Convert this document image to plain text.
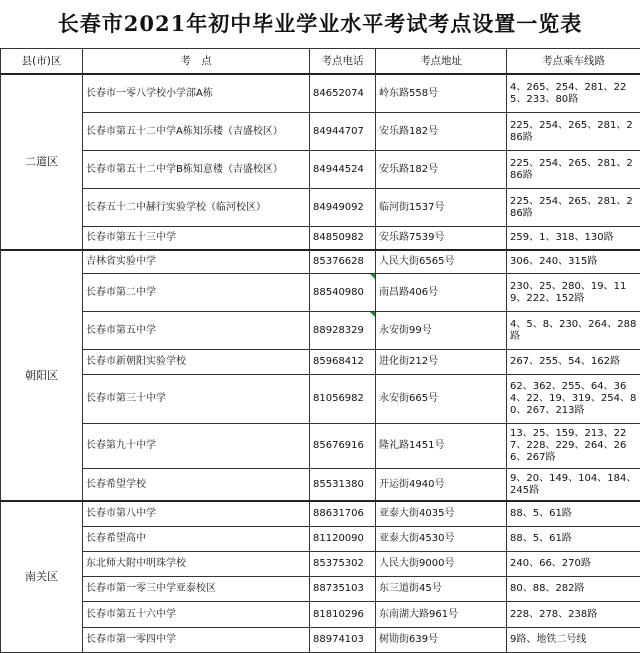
长春市2021年初中毕业学业水平考试考点设置一览表
县(市)区	考　点	考点电话	考点地址	考点乘车线路
二道区	长春市一零八学校小学部A栋	84652074	岭东路558号	4、265、254、281、225、233、80路
	长春市第五十二中学A栋知乐楼（吉盛校区）	84944707	安乐路182号	225、254、265、281、286路
	长春市第五十二中学B栋知意楼（吉盛校区）	84944524	安乐路182号	225、254、265、281、286路
	长春五十二中赫行实验学校（临河校区）	84949092	临河街1537号	225、254、265、281、286路
	长春市第五十三中学	84850982	安乐路7539号	259、1、318、130路
朝阳区	吉林省实验中学	85376628	人民大街6565号	306、240、315路
	长春市第二中学	88540980	南昌路406号	230、25、280、19、119、222、152路
	长春市第五中学	88928329	永安街99号	4、5、8、230、264、288路
	长春市新朝阳实验学校	85968412	进化街212号	267、255、54、162路
	长春市第三十中学	81056982	永安街665号	62、362、255、64、364、22、19、319、254、80、267、213路
	长春第九十中学	85676916	隆礼路1451号	13、25、159、213、227、228、229、264、266、267路
	长春希望学校	85531380	开运街4940号	9、20、149、104、184、245路
南关区	长春市第八中学	88631706	亚泰大街4035号	88、5、61路
	长春希望高中	81120090	亚泰大街4530号	88、5、61路
	东北师大附中明珠学校	85375302	人民大街9000号	240、66、270路
	长春市第一零三中学亚泰校区	88735103	东三道街45号	80、88、282路
	长春市第五十六中学	81810296	东南湖大路961号	228、278、238路
	长春市第一零四中学	88974103	树勋街639号	9路、地铁二号线
